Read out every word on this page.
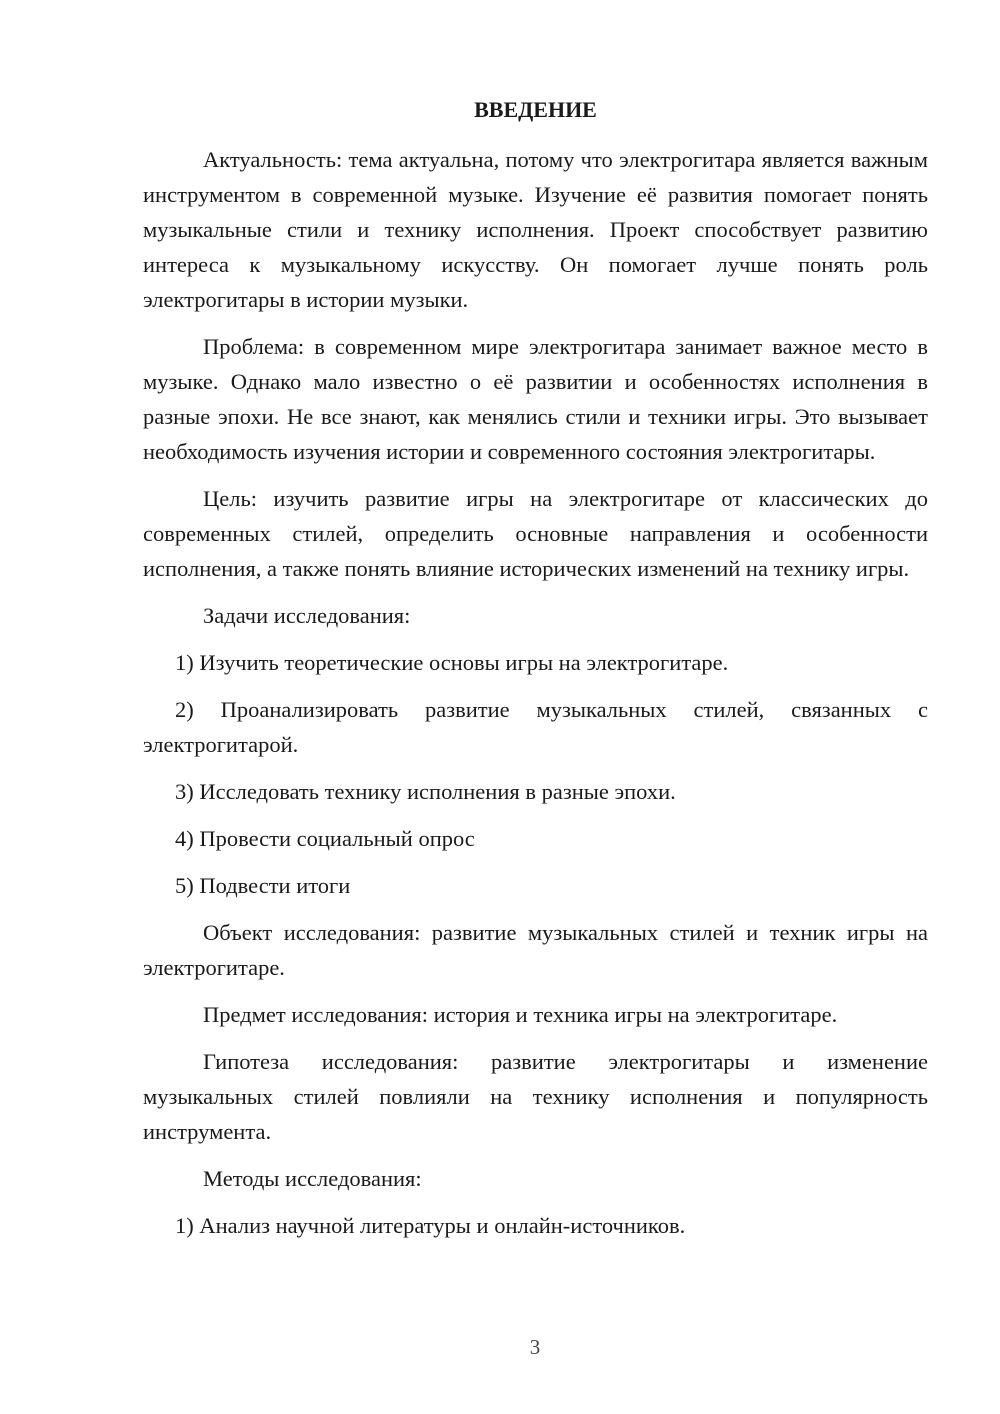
ВВЕДЕНИЕ

Актуальность: тема актуальна, потому что электрогитара является важным инструментом в современной музыке. Изучение её развития помогает понять музыкальные стили и технику исполнения. Проект способствует развитию интереса к музыкальному искусству. Он помогает лучше понять роль электрогитары в истории музыки.

Проблема: в современном мире электрогитара занимает важное место в музыке. Однако мало известно о её развитии и особенностях исполнения в разные эпохи. Не все знают, как менялись стили и техники игры. Это вызывает необходимость изучения истории и современного состояния электрогитары.

Цель: изучить развитие игры на электрогитаре от классических до современных стилей, определить основные направления и особенности исполнения, а также понять влияние исторических изменений на технику игры.

Задачи исследования:

1) Изучить теоретические основы игры на электрогитаре.

2) Проанализировать развитие музыкальных стилей, связанных с электрогитарой.

3) Исследовать технику исполнения в разные эпохи.

4) Провести социальный опрос

5) Подвести итоги

Объект исследования: развитие музыкальных стилей и техник игры на электрогитаре.

Предмет исследования: история и техника игры на электрогитаре.

Гипотеза исследования: развитие электрогитары и изменение музыкальных стилей повлияли на технику исполнения и популярность инструмента.

Методы исследования:

1) Анализ научной литературы и онлайн-источников.

3
